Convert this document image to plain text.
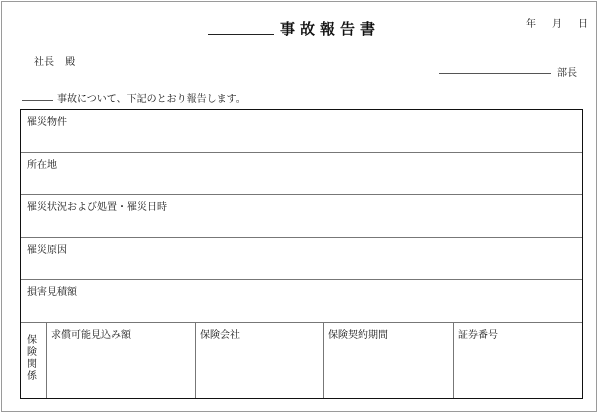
事故報告書	年 月 日
社長 殿
部長
事故について、下記のとおり報告します。
罹災物件
所在地
罹災状況および処置・罹災日時
罹災原因
損害見積額
保険関係
求償可能見込み額	保険会社	保険契約期間	証券番号
